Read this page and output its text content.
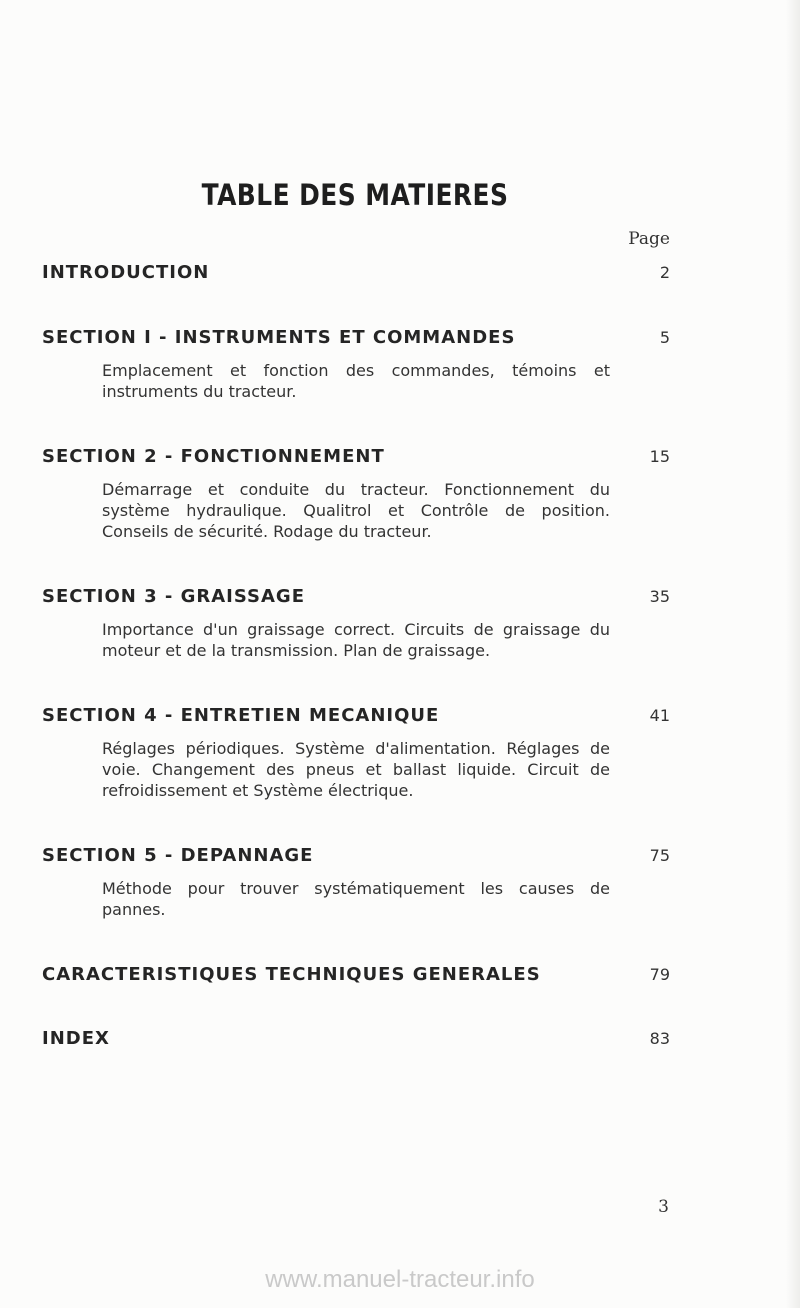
TABLE DES MATIERES
Page
INTRODUCTION	2
SECTION I - INSTRUMENTS ET COMMANDES	5
Emplacement et fonction des commandes, témoins et instruments du tracteur.
SECTION 2 - FONCTIONNEMENT	15
Démarrage et conduite du tracteur. Fonctionnement du système hydraulique. Qualitrol et Contrôle de position. Conseils de sécurité. Rodage du tracteur.
SECTION 3 - GRAISSAGE	35
Importance d'un graissage correct. Circuits de graissage du moteur et de la transmission. Plan de graissage.
SECTION 4 - ENTRETIEN MECANIQUE	41
Réglages périodiques. Système d'alimentation. Réglages de voie. Changement des pneus et ballast liquide. Circuit de refroidissement et Système électrique.
SECTION 5 - DEPANNAGE	75
Méthode pour trouver systématiquement les causes de pannes.
CARACTERISTIQUES TECHNIQUES GENERALES	79
INDEX	83
3
www.manuel-tracteur.info
